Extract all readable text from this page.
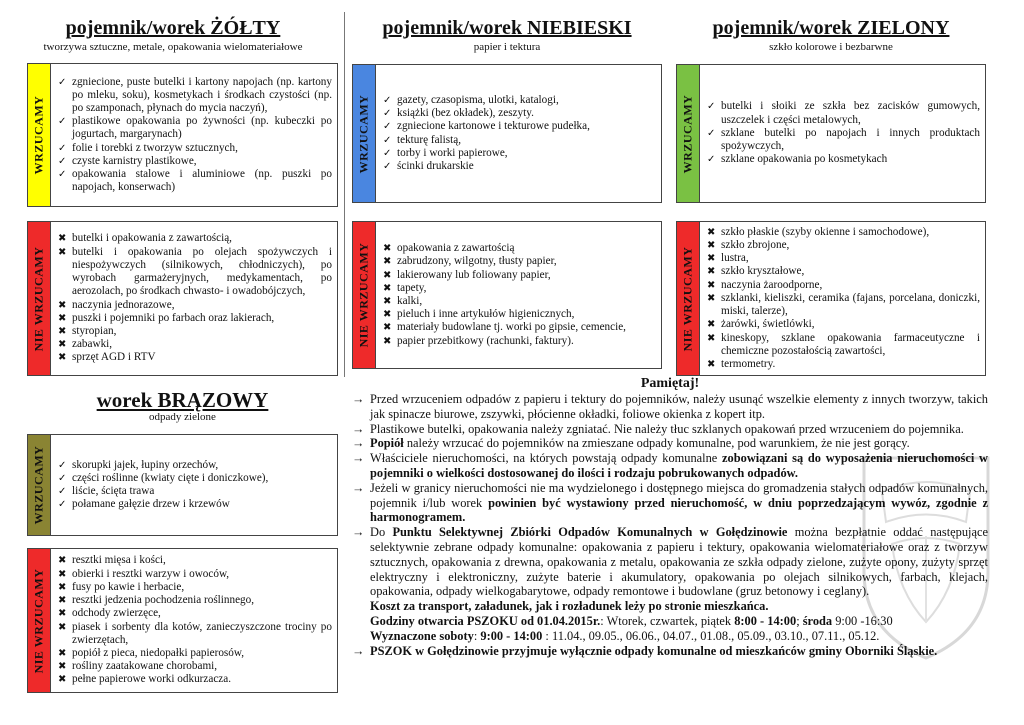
pojemnik/worek ŻÓŁTY
tworzywa sztuczne, metale, opakowania wielomateriałowe
pojemnik/worek NIEBIESKI
papier i tektura
pojemnik/worek ZIELONY
szkło kolorowe i bezbarwne
WRZUCAMY
✓ zgniecione, puste butelki i kartony napojach (np. kartony po mleku, soku), kosmetykach i środkach czystości (np. po szamponach, płynach do mycia naczyń),
✓ plastikowe opakowania po żywności (np. kubeczki po jogurtach, margarynach)
✓ folie i torebki z tworzyw sztucznych,
✓ czyste karnistry plastikowe,
✓ opakowania stalowe i aluminiowe (np. puszki po napojach, konserwach)
NIE WRZUCAMY
✖ butelki i opakowania z zawartością,
✖ butelki i opakowania po olejach spożywczych i niespożywczych (silnikowych, chłodniczych), po wyrobach garmażeryjnych, medykamentach, po aerozolach, po środkach chwasto- i owadobójczych,
✖ naczynia jednorazowe,
✖ puszki i pojemniki po farbach oraz lakierach,
✖ styropian,
✖ zabawki,
✖ sprzęt AGD i RTV
WRZUCAMY ✓ gazety, czasopisma, ulotki, katalogi,
✓ książki (bez okładek), zeszyty.
✓ zgniecione kartonowe i tekturowe pudełka,
✓ tekturę falistą,
✓ torby i worki papierowe,
✓ ścinki drukarskie
NIE WRZUCAMY ✖ opakowania z zawartością
✖ zabrudzony, wilgotny, tłusty papier,
✖ lakierowany lub foliowany papier,
✖ tapety,
✖ kalki,
✖ pieluch i inne artykułów higienicznych,
✖ materiały budowlane tj. worki po gipsie, cemencie,
✖ papier przebitkowy (rachunki, faktury).
WRZUCAMY ✓ butelki i słoiki ze szkła bez zacisków gumowych, uszczelek i części metalowych,
✓ szklane butelki po napojach i innych produktach spożywczych,
✓ szklane opakowania po kosmetykach
NIE WRZUCAMY
✖ szkło płaskie (szyby okienne i samochodowe),
✖ szkło zbrojone,
✖ lustra,
✖ szkło kryształowe,
✖ naczynia żaroodporne,
✖ szklanki, kieliszki, ceramika (fajans, porcelana, doniczki, miski, talerze),
✖ żarówki, świetlówki,
✖ kineskopy, szklane opakowania farmaceutyczne i chemiczne pozostałością zawartości,
✖ termometry.
worek BRĄZOWY
odpady zielone
WRZUCAMY ✓ skorupki jajek, łupiny orzechów,
✓ części roślinne (kwiaty cięte i doniczkowe),
✓ liście, ścięta trawa
✓ połamane gałęzie drzew i krzewów
NIE WRZUCAMY
✖ resztki mięsa i kości,
✖ obierki i resztki warzyw i owoców,
✖ fusy po kawie i herbacie,
✖ resztki jedzenia pochodzenia roślinnego,
✖ odchody zwierzęce,
✖ piasek i sorbenty dla kotów, zanieczyszczone trociny po zwierzętach,
✖ popiół z pieca, niedopałki papierosów,
✖ rośliny zaatakowane chorobami,
✖ pełne papierowe worki odkurzacza.
Pamiętaj!

→ Przed wrzuceniem odpadów z papieru i tektury do pojemników, należy usunąć wszelkie elementy z innych tworzyw, takich jak spinacze biurowe, zszywki, płócienne okładki, foliowe okienka z kopert itp.

→ Plastikowe butelki, opakowania należy zgniatać. Nie należy tłuc szklanych opakowań przed wrzuceniem do pojemnika.

→ Popiół należy wrzucać do pojemników na zmieszane odpady komunalne, pod warunkiem, że nie jest gorący.

→ Właściciele nieruchomości, na których powstają odpady komunalne zobowiązani są do wyposażenia nieruchomości w pojemniki o wielkości dostosowanej do ilości i rodzaju pobrukowanych odpadów.

→ Jeżeli w granicy nieruchomości nie ma wydzielonego i dostępnego miejsca do gromadzenia stałych odpadów komunalnych, pojemnik i/lub worek powinien być wystawiony przed nieruchomość, w dniu poprzedzającym wywóz, zgodnie z harmonogramem.

→ Do Punktu Selektywnej Zbiórki Odpadów Komunalnych w Gołędzinowie można bezpłatnie oddać następujące selektywnie zebrane odpady komunalne: opakowania z papieru i tektury, opakowania wielomateriałowe oraz z tworzyw sztucznych, opakowania z drewna, opakowania z metalu, opakowania ze szkła odpady zielone, zużyte opony, zużyty sprzęt elektryczny i elektroniczny, zużyte baterie i akumulatory, opakowania po olejach silnikowych, farbach, klejach, opakowania, odpady wielkogabarytowe, odpady remontowe i budowlane (gruz betonowy i ceglany).

Koszt za transport, załadunek, jak i rozładunek leży po stronie mieszkańca.

Godziny otwarcia PSZOKU od 01.04.2015r.: Wtorek, czwartek, piątek 8:00 - 14:00; środa 9:00 -16:30

Wyznaczone soboty: 9:00 - 14:00 : 11.04., 09.05., 06.06., 04.07., 01.08., 05.09., 03.10., 07.11., 05.12.

→ PSZOK w Gołędzinowie przyjmuje wyłącznie odpady komunalne od mieszkańców gminy Oborniki Śląskie.
